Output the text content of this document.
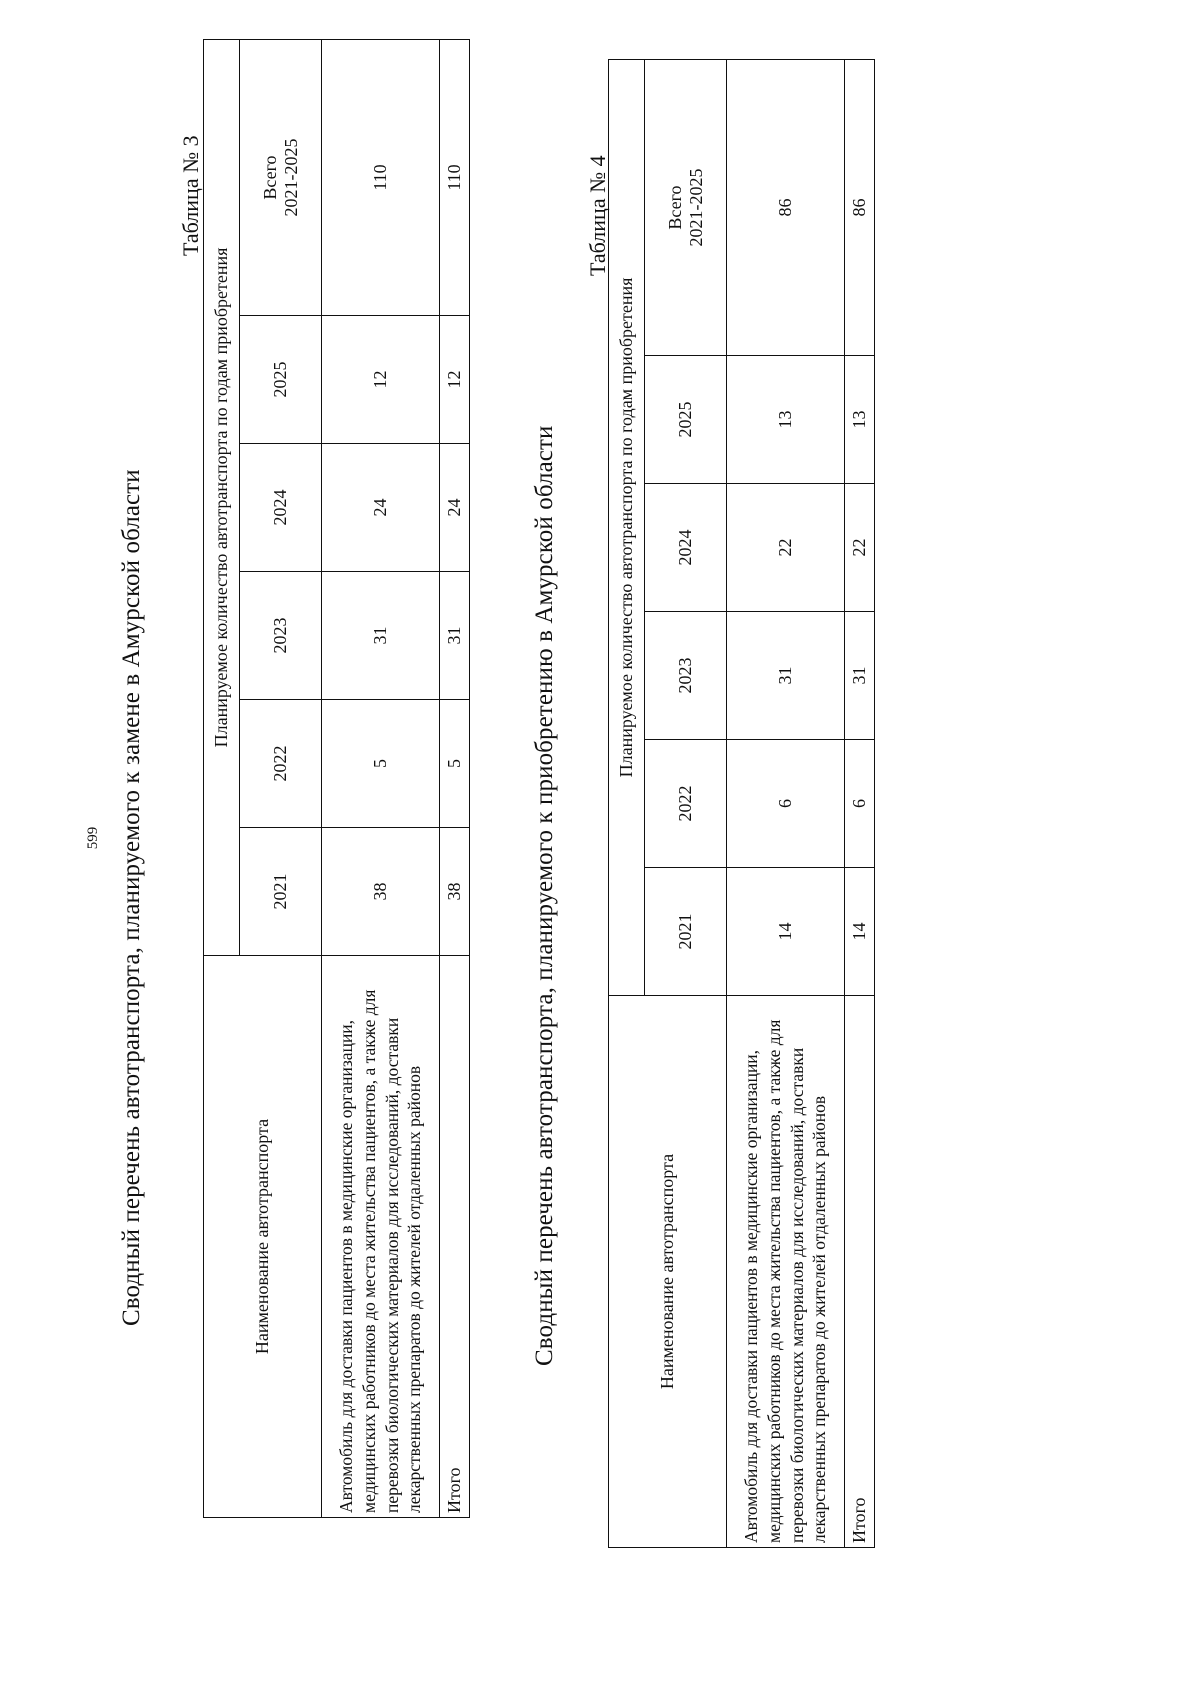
599
Таблица № 3
Сводный перечень автотранспорта, планируемого к замене в Амурской области	Наименование автотранспорта	Планируемое количество автотранспорта по годам приобретения					
	2021	2022	2023	2024	2025	Всего 2021-2025

Автомобиль для доставки пациентов в медицинские организации, медицинских работников до места жительства пациентов, а также для перевозки биологических материалов для исследований, доставки лекарственных препаратов до жителей отдаленных районов	38	5	31	24	12	110
Итого	38	5	31	24	12	110	Таблица № 4
Сводный перечень автотранспорта, планируемого к приобретению в Амурской области	Наименование автотранспорта	Планируемое количество автотранспорта по годам приобретения					
	2021	2022	2023	2024	2025	Всего 2021-2025

Автомобиль для доставки пациентов в медицинские организации, медицинских работников до места жительства пациентов, а также для перевозки биологических материалов для исследований, доставки лекарственных препаратов до жителей отдаленных районов	14	6	31	22	13	86
Итого	14	6	31	22	13	86
